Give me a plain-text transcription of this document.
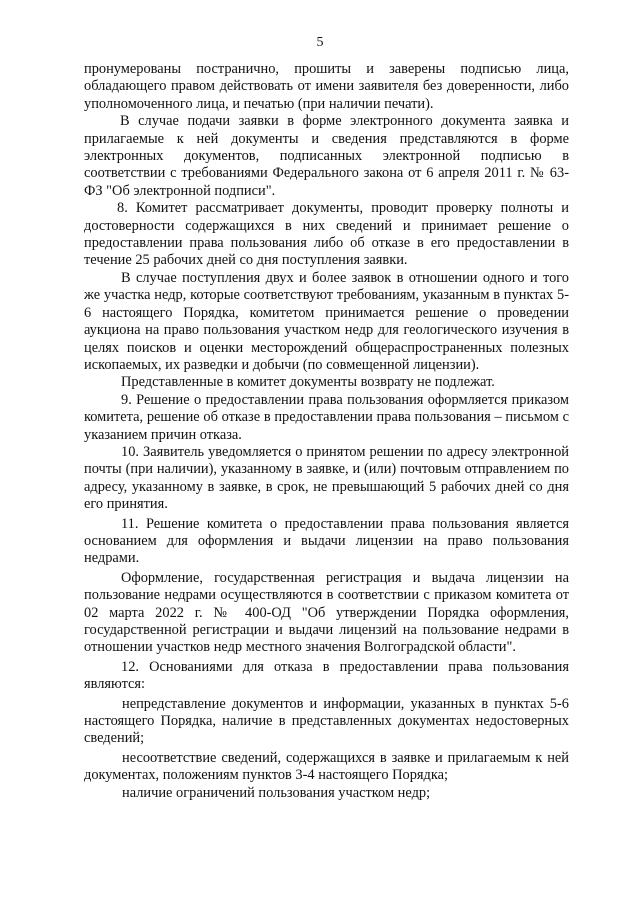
5

пронумерованы постранично, прошиты и заверены подписью лица, обладающего правом действовать от имени заявителя без доверенности, либо уполномоченного лица, и печатью (при наличии печати).

В случае подачи заявки в форме электронного документа заявка и прилагаемые к ней документы и сведения представляются в форме электронных документов, подписанных электронной подписью в соответствии с требованиями Федерального закона от 6 апреля 2011 г. № 63-ФЗ "Об электронной подписи".

8. Комитет рассматривает документы, проводит проверку полноты и достоверности содержащихся в них сведений и принимает решение о предоставлении права пользования либо об отказе в его предоставлении в течение 25 рабочих дней со дня поступления заявки.

В случае поступления двух и более заявок в отношении одного и того же участка недр, которые соответствуют требованиям, указанным в пунктах 5-6 настоящего Порядка, комитетом принимается решение о проведении аукциона на право пользования участком недр для геологического изучения в целях поисков и оценки месторождений общераспространенных полезных ископаемых, их разведки и добычи (по совмещенной лицензии).

Представленные в комитет документы возврату не подлежат.

9. Решение о предоставлении права пользования оформляется приказом комитета, решение об отказе в предоставлении права пользования – письмом с указанием причин отказа.

10. Заявитель уведомляется о принятом решении по адресу электронной почты (при наличии), указанному в заявке, и (или) почтовым отправлением по адресу, указанному в заявке, в срок, не превышающий 5 рабочих дней со дня его принятия.

11. Решение комитета о предоставлении права пользования является основанием для оформления и выдачи лицензии на право пользования недрами.

Оформление, государственная регистрация и выдача лицензии на пользование недрами осуществляются в соответствии с приказом комитета от 02 марта 2022 г. № 400-ОД "Об утверждении Порядка оформления, государственной регистрации и выдачи лицензий на пользование недрами в отношении участков недр местного значения Волгоградской области".

12. Основаниями для отказа в предоставлении права пользования являются:

непредставление документов и информации, указанных в пунктах 5-6 настоящего Порядка, наличие в представленных документах недостоверных сведений;

несоответствие сведений, содержащихся в заявке и прилагаемым к ней документах, положениям пунктов 3-4 настоящего Порядка;

наличие ограничений пользования участком недр;
